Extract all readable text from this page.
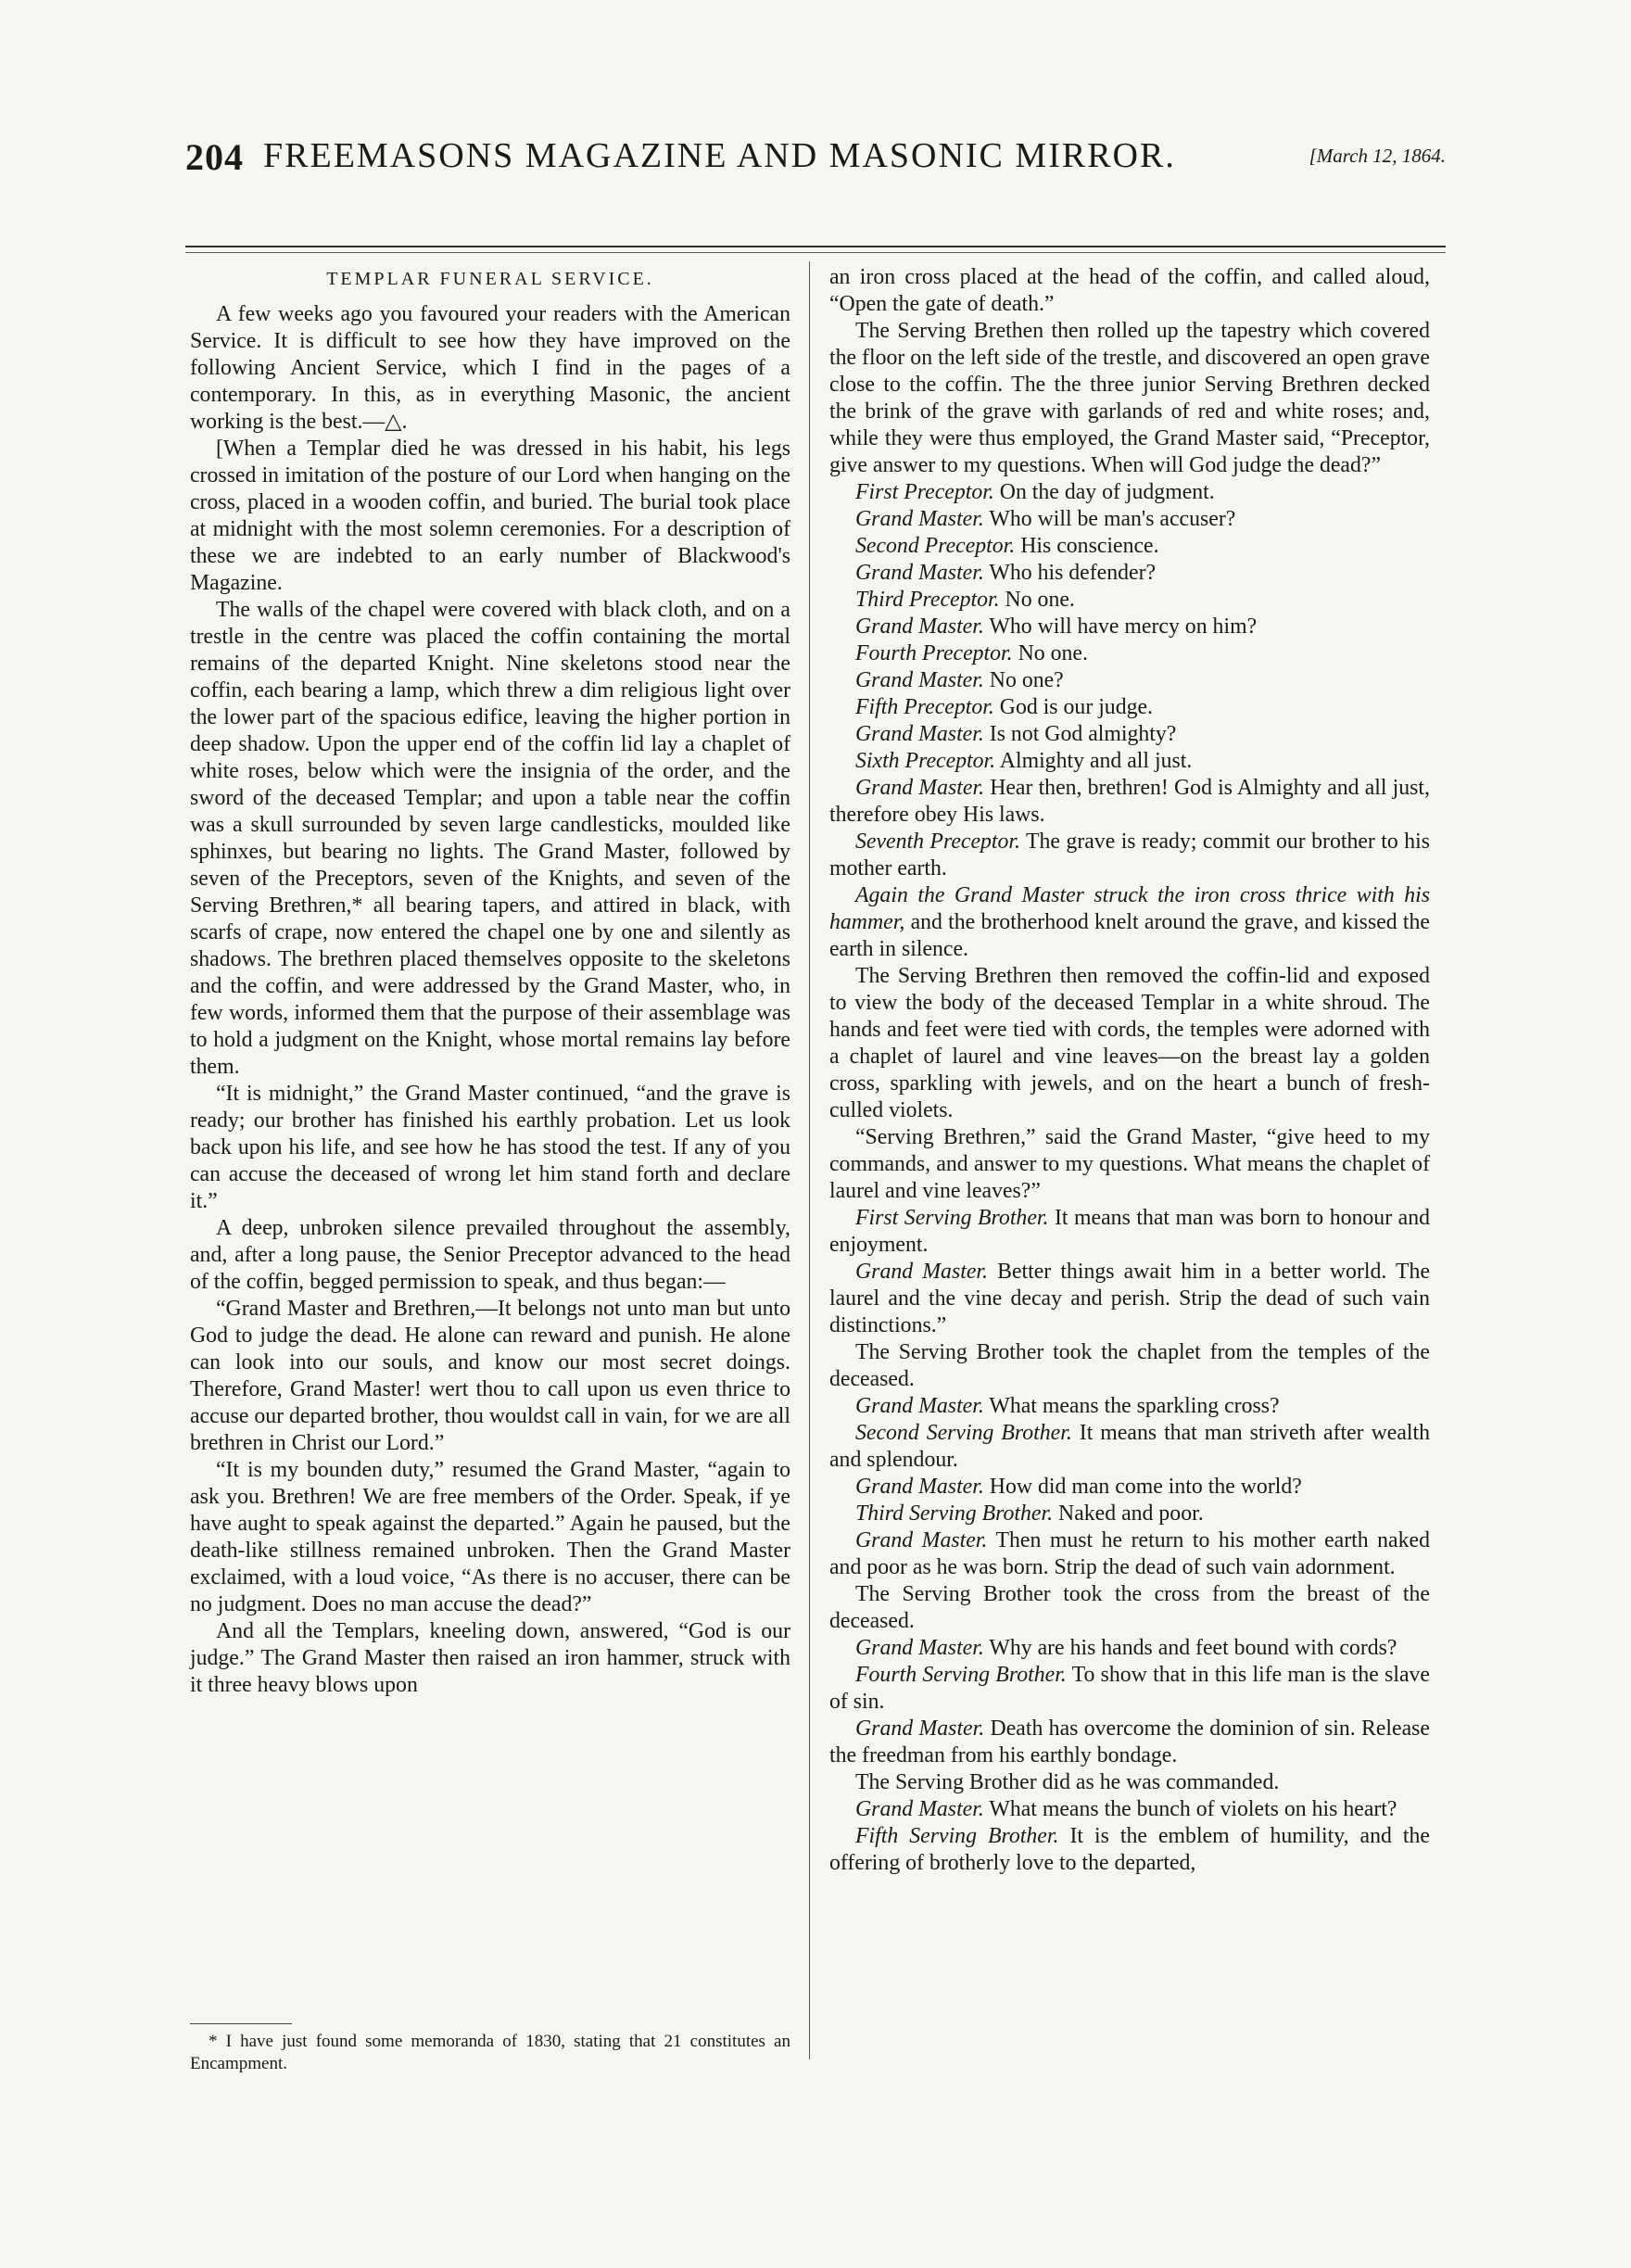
204 FREEMASONS MAGAZINE AND MASONIC MIRROR.	[March 12, 1864.

TEMPLAR FUNERAL SERVICE.

A few weeks ago you favoured your readers with the American Service. It is difficult to see how they have improved on the following Ancient Service, which I find in the pages of a contemporary. In this, as in everything Masonic, the ancient working is the best.—△.

[When a Templar died he was dressed in his habit, his legs crossed in imitation of the posture of our Lord when hanging on the cross, placed in a wooden coffin, and buried. The burial took place at midnight with the most solemn ceremonies. For a description of these we are indebted to an early number of Blackwood's Magazine.

The walls of the chapel were covered with black cloth, and on a trestle in the centre was placed the coffin containing the mortal remains of the departed Knight. Nine skeletons stood near the coffin, each bearing a lamp, which threw a dim religious light over the lower part of the spacious edifice, leaving the higher portion in deep shadow. Upon the upper end of the coffin lid lay a chaplet of white roses, below which were the insignia of the order, and the sword of the deceased Templar; and upon a table near the coffin was a skull surrounded by seven large candlesticks, moulded like sphinxes, but bearing no lights. The Grand Master, followed by seven of the Preceptors, seven of the Knights, and seven of the Serving Brethren,* all bearing tapers, and attired in black, with scarfs of crape, now entered the chapel one by one and silently as shadows. The brethren placed themselves opposite to the skeletons and the coffin, and were addressed by the Grand Master, who, in few words, informed them that the purpose of their assemblage was to hold a judgment on the Knight, whose mortal remains lay before them.

“It is midnight,” the Grand Master continued, “and the grave is ready; our brother has finished his earthly probation. Let us look back upon his life, and see how he has stood the test. If any of you can accuse the deceased of wrong let him stand forth and declare it.”

A deep, unbroken silence prevailed throughout the assembly, and, after a long pause, the Senior Preceptor advanced to the head of the coffin, begged permission to speak, and thus began:—

“Grand Master and Brethren,—It belongs not unto man but unto God to judge the dead. He alone can reward and punish. He alone can look into our souls, and know our most secret doings. Therefore, Grand Master! wert thou to call upon us even thrice to accuse our departed brother, thou wouldst call in vain, for we are all brethren in Christ our Lord.”

“It is my bounden duty,” resumed the Grand Master, “again to ask you. Brethren! We are free members of the Order. Speak, if ye have aught to speak against the departed.” Again he paused, but the death-like stillness remained unbroken. Then the Grand Master exclaimed, with a loud voice, “As there is no accuser, there can be no judgment. Does no man accuse the dead?”

And all the Templars, kneeling down, answered, “God is our judge.” The Grand Master then raised an iron hammer, struck with it three heavy blows upon

an iron cross placed at the head of the coffin, and called aloud, “Open the gate of death.”

The Serving Brethen then rolled up the tapestry which covered the floor on the left side of the trestle, and discovered an open grave close to the coffin. The the three junior Serving Brethren decked the brink of the grave with garlands of red and white roses; and, while they were thus employed, the Grand Master said, “Preceptor, give answer to my questions. When will God judge the dead?”

First Preceptor. On the day of judgment.

Grand Master. Who will be man's accuser?

Second Preceptor. His conscience.

Grand Master. Who his defender?

Third Preceptor. No one.

Grand Master. Who will have mercy on him?

Fourth Preceptor. No one.

Grand Master. No one?

Fifth Preceptor. God is our judge.

Grand Master. Is not God almighty?

Sixth Preceptor. Almighty and all just.

Grand Master. Hear then, brethren! God is Almighty and all just, therefore obey His laws.

Seventh Preceptor. The grave is ready; commit our brother to his mother earth.

Again the Grand Master struck the iron cross thrice with his hammer, and the brotherhood knelt around the grave, and kissed the earth in silence.

The Serving Brethren then removed the coffin-lid and exposed to view the body of the deceased Templar in a white shroud. The hands and feet were tied with cords, the temples were adorned with a chaplet of laurel and vine leaves—on the breast lay a golden cross, sparkling with jewels, and on the heart a bunch of fresh-culled violets.

“Serving Brethren,” said the Grand Master, “give heed to my commands, and answer to my questions. What means the chaplet of laurel and vine leaves?”

First Serving Brother. It means that man was born to honour and enjoyment.

Grand Master. Better things await him in a better world. The laurel and the vine decay and perish. Strip the dead of such vain distinctions.”

The Serving Brother took the chaplet from the temples of the deceased.

Grand Master. What means the sparkling cross?

Second Serving Brother. It means that man striveth after wealth and splendour.

Grand Master. How did man come into the world?

Third Serving Brother. Naked and poor.

Grand Master. Then must he return to his mother earth naked and poor as he was born. Strip the dead of such vain adornment.

The Serving Brother took the cross from the breast of the deceased.

Grand Master. Why are his hands and feet bound with cords?

Fourth Serving Brother. To show that in this life man is the slave of sin.

Grand Master. Death has overcome the dominion of sin. Release the freedman from his earthly bondage.

The Serving Brother did as he was commanded.

Grand Master. What means the bunch of violets on his heart?

Fifth Serving Brother. It is the emblem of humility, and the offering of brotherly love to the departed,

* I have just found some memoranda of 1830, stating that 21 constitutes an Encampment.
